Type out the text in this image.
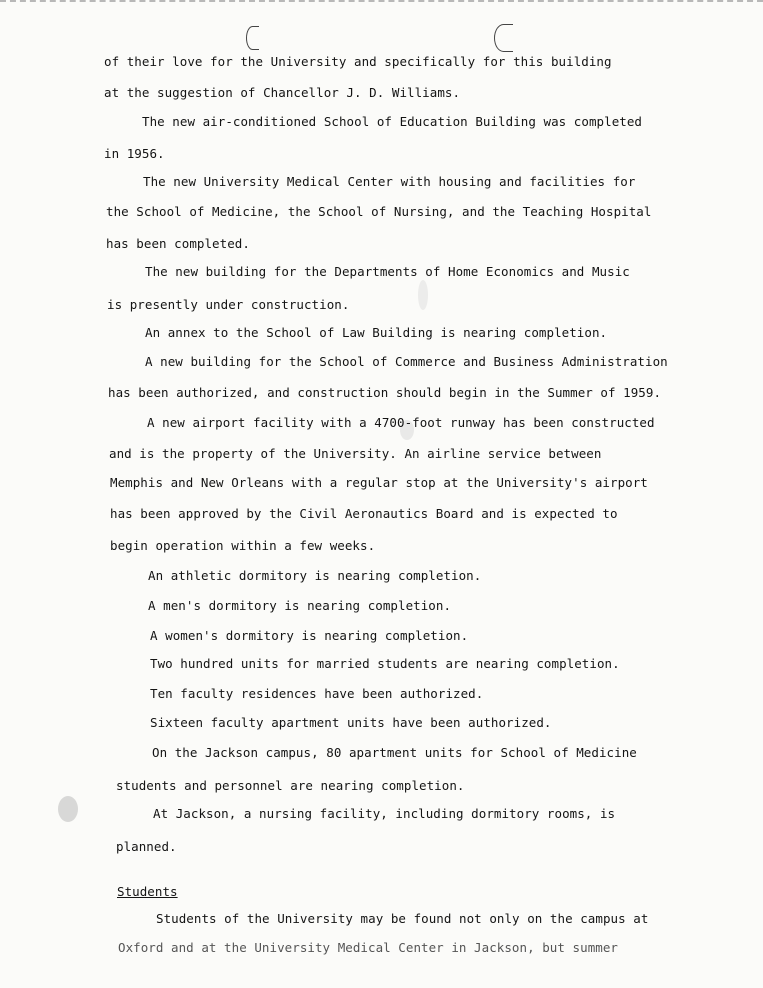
of their love for the University and specifically for this building
at the suggestion of Chancellor J. D. Williams.
The new air-conditioned School of Education Building was completed
in 1956.
The new University Medical Center with housing and facilities for
the School of Medicine, the School of Nursing, and the Teaching Hospital
has been completed.
The new building for the Departments of Home Economics and Music
is presently under construction.
An annex to the School of Law Building is nearing completion.
A new building for the School of Commerce and Business Administration
has been authorized, and construction should begin in the Summer of 1959.
A new airport facility with a 4700-foot runway has been constructed
and is the property of the University. An airline service between
Memphis and New Orleans with a regular stop at the University's airport
has been approved by the Civil Aeronautics Board and is expected to
begin operation within a few weeks.
An athletic dormitory is nearing completion.
A men's dormitory is nearing completion.
A women's dormitory is nearing completion.
Two hundred units for married students are nearing completion.
Ten faculty residences have been authorized.
Sixteen faculty apartment units have been authorized.
On the Jackson campus, 80 apartment units for School of Medicine
students and personnel are nearing completion.
At Jackson, a nursing facility, including dormitory rooms, is
planned.
Students
Students of the University may be found not only on the campus at
Oxford and at the University Medical Center in Jackson, but summer
